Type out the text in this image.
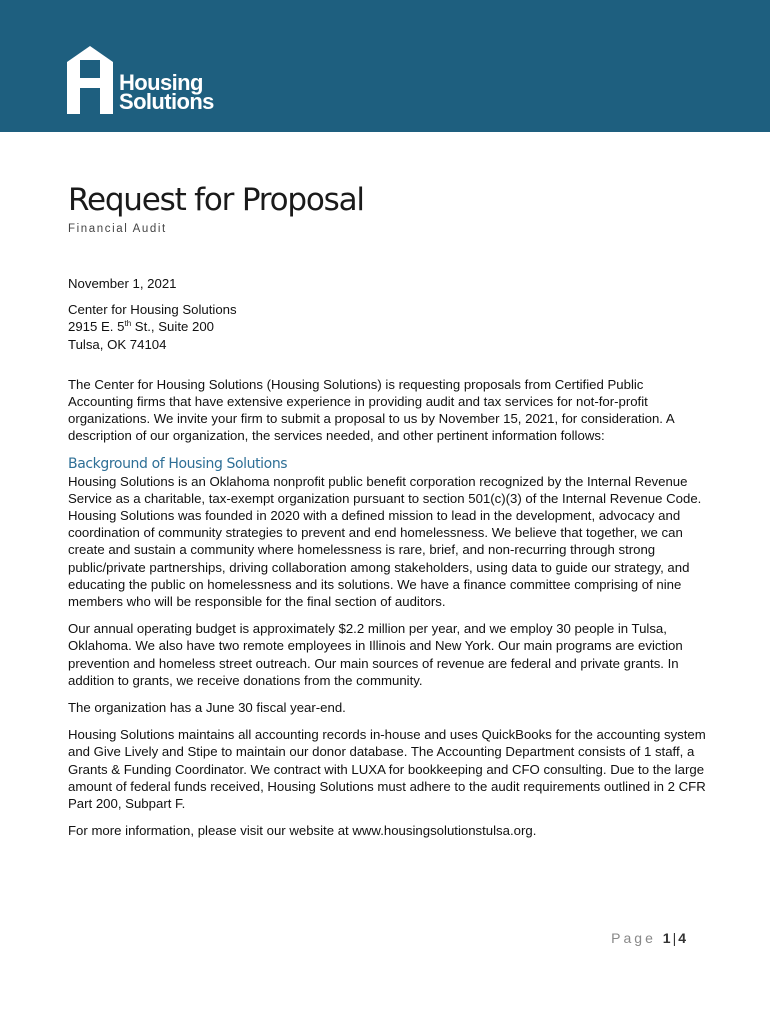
Housing
Solutions
Request for Proposal
Financial Audit

November 1, 2021

Center for Housing Solutions
2915 E. 5th St., Suite 200
Tulsa, OK 74104

The Center for Housing Solutions (Housing Solutions) is requesting proposals from Certified Public Accounting firms that have extensive experience in providing audit and tax services for not-for-profit organizations. We invite your firm to submit a proposal to us by November 15, 2021, for consideration. A description of our organization, the services needed, and other pertinent information follows:

Background of Housing Solutions

Housing Solutions is an Oklahoma nonprofit public benefit corporation recognized by the Internal Revenue Service as a charitable, tax-exempt organization pursuant to section 501(c)(3) of the Internal Revenue Code. Housing Solutions was founded in 2020 with a defined mission to lead in the development, advocacy and coordination of community strategies to prevent and end homelessness. We believe that together, we can create and sustain a community where homelessness is rare, brief, and non-recurring through strong public/private partnerships, driving collaboration among stakeholders, using data to guide our strategy, and educating the public on homelessness and its solutions. We have a finance committee comprising of nine members who will be responsible for the final section of auditors.

Our annual operating budget is approximately $2.2 million per year, and we employ 30 people in Tulsa, Oklahoma. We also have two remote employees in Illinois and New York. Our main programs are eviction prevention and homeless street outreach. Our main sources of revenue are federal and private grants. In addition to grants, we receive donations from the community.

The organization has a June 30 fiscal year-end.

Housing Solutions maintains all accounting records in-house and uses QuickBooks for the accounting system and Give Lively and Stipe to maintain our donor database. The Accounting Department consists of 1 staff, a Grants & Funding Coordinator. We contract with LUXA for bookkeeping and CFO consulting. Due to the large amount of federal funds received, Housing Solutions must adhere to the audit requirements outlined in 2 CFR Part 200, Subpart F.

For more information, please visit our website at www.housingsolutionstulsa.org.

Page 1 | 4
